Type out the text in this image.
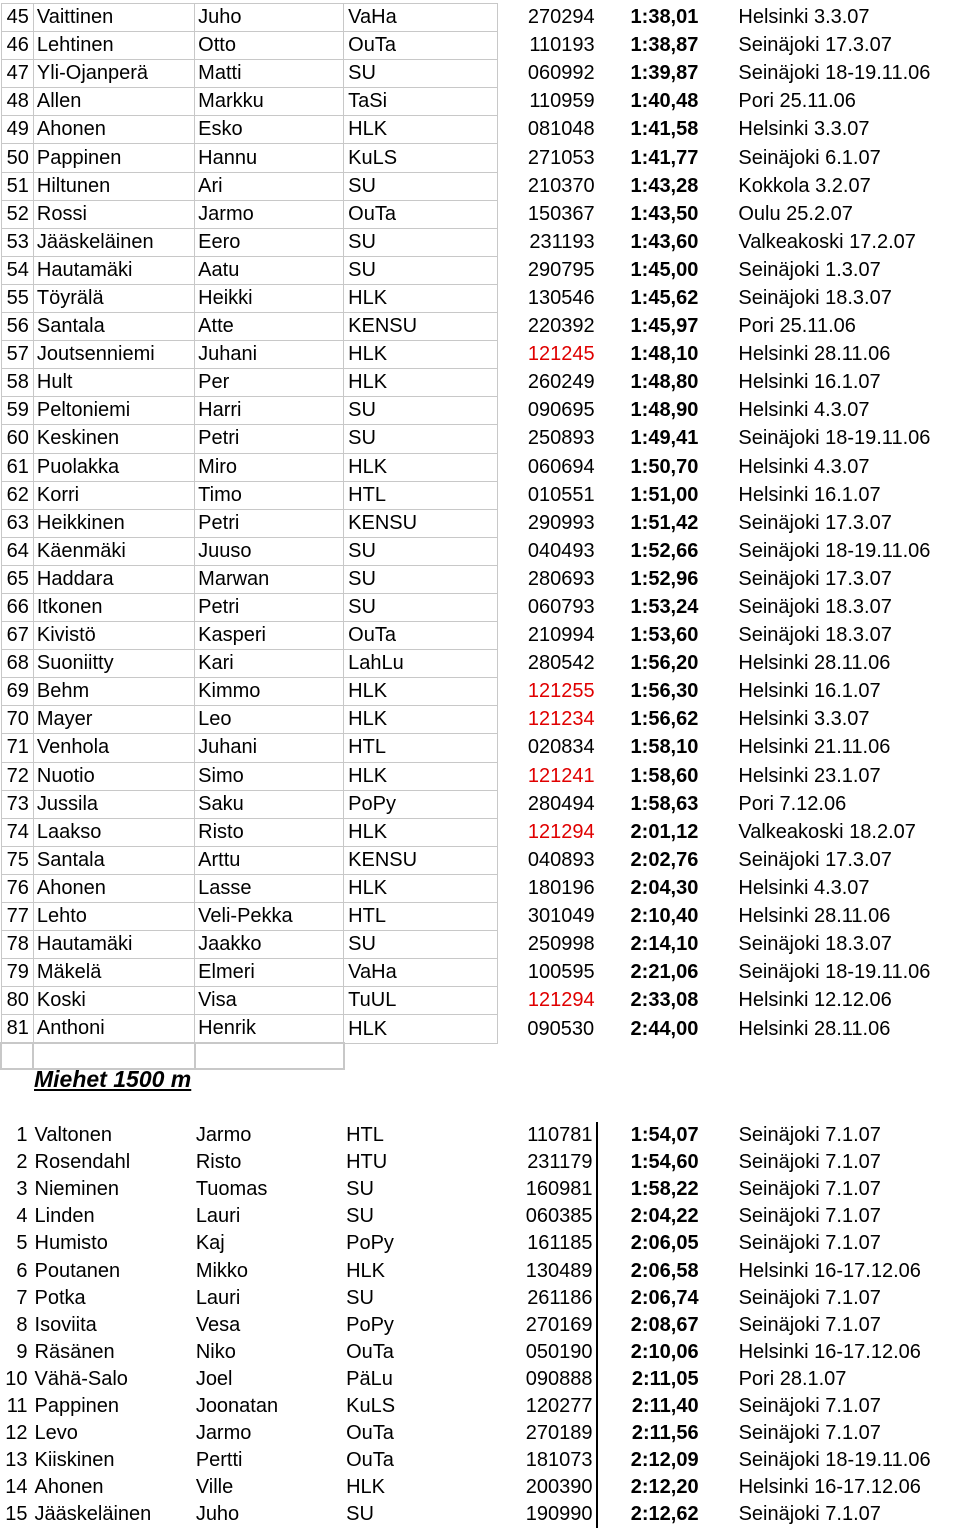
45	Vaittinen	Juho	VaHa	270294	1:38,01	Helsinki 3.3.07
46	Lehtinen	Otto	OuTa	110193	1:38,87	Seinäjoki 17.3.07
47	Yli-Ojanperä	Matti	SU	060992	1:39,87	Seinäjoki 18-19.11.06
48	Allen	Markku	TaSi	110959	1:40,48	Pori 25.11.06
49	Ahonen	Esko	HLK	081048	1:41,58	Helsinki 3.3.07
50	Pappinen	Hannu	KuLS	271053	1:41,77	Seinäjoki 6.1.07
51	Hiltunen	Ari	SU	210370	1:43,28	Kokkola 3.2.07
52	Rossi	Jarmo	OuTa	150367	1:43,50	Oulu 25.2.07
53	Jääskeläinen	Eero	SU	231193	1:43,60	Valkeakoski 17.2.07
54	Hautamäki	Aatu	SU	290795	1:45,00	Seinäjoki 1.3.07
55	Töyrälä	Heikki	HLK	130546	1:45,62	Seinäjoki 18.3.07
56	Santala	Atte	KENSU	220392	1:45,97	Pori 25.11.06
57	Joutsenniemi	Juhani	HLK	121245	1:48,10	Helsinki 28.11.06
58	Hult	Per	HLK	260249	1:48,80	Helsinki 16.1.07
59	Peltoniemi	Harri	SU	090695	1:48,90	Helsinki 4.3.07
60	Keskinen	Petri	SU	250893	1:49,41	Seinäjoki 18-19.11.06
61	Puolakka	Miro	HLK	060694	1:50,70	Helsinki 4.3.07
62	Korri	Timo	HTL	010551	1:51,00	Helsinki 16.1.07
63	Heikkinen	Petri	KENSU	290993	1:51,42	Seinäjoki 17.3.07
64	Käenmäki	Juuso	SU	040493	1:52,66	Seinäjoki 18-19.11.06
65	Haddara	Marwan	SU	280693	1:52,96	Seinäjoki 17.3.07
66	Itkonen	Petri	SU	060793	1:53,24	Seinäjoki 18.3.07
67	Kivistö	Kasperi	OuTa	210994	1:53,60	Seinäjoki 18.3.07
68	Suoniitty	Kari	LahLu	280542	1:56,20	Helsinki 28.11.06
69	Behm	Kimmo	HLK	121255	1:56,30	Helsinki 16.1.07
70	Mayer	Leo	HLK	121234	1:56,62	Helsinki 3.3.07
71	Venhola	Juhani	HTL	020834	1:58,10	Helsinki 21.11.06
72	Nuotio	Simo	HLK	121241	1:58,60	Helsinki 23.1.07
73	Jussila	Saku	PoPy	280494	1:58,63	Pori 7.12.06
74	Laakso	Risto	HLK	121294	2:01,12	Valkeakoski 18.2.07
75	Santala	Arttu	KENSU	040893	2:02,76	Seinäjoki 17.3.07
76	Ahonen	Lasse	HLK	180196	2:04,30	Helsinki 4.3.07
77	Lehto	Veli-Pekka	HTL	301049	2:10,40	Helsinki 28.11.06
78	Hautamäki	Jaakko	SU	250998	2:14,10	Seinäjoki 18.3.07
79	Mäkelä	Elmeri	VaHa	100595	2:21,06	Seinäjoki 18-19.11.06
80	Koski	Visa	TuUL	121294	2:33,08	Helsinki 12.12.06
81	Anthoni	Henrik	HLK	090530	2:44,00	Helsinki 28.11.06

Miehet 1500 m
1	Valtonen	Jarmo	HTL	110781	1:54,07	Seinäjoki 7.1.07
2	Rosendahl	Risto	HTU	231179	1:54,60	Seinäjoki 7.1.07
3	Nieminen	Tuomas	SU	160981	1:58,22	Seinäjoki 7.1.07
4	Linden	Lauri	SU	060385	2:04,22	Seinäjoki 7.1.07
5	Humisto	Kaj	PoPy	161185	2:06,05	Seinäjoki 7.1.07
6	Poutanen	Mikko	HLK	130489	2:06,58	Helsinki 16-17.12.06
7	Potka	Lauri	SU	261186	2:06,74	Seinäjoki 7.1.07
8	Isoviita	Vesa	PoPy	270169	2:08,67	Seinäjoki 7.1.07
9	Räsänen	Niko	OuTa	050190	2:10,06	Helsinki 16-17.12.06
10	Vähä-Salo	Joel	PäLu	090888	2:11,05	Pori 28.1.07
11	Pappinen	Joonatan	KuLS	120277	2:11,40	Seinäjoki 7.1.07
12	Levo	Jarmo	OuTa	270189	2:11,56	Seinäjoki 7.1.07
13	Kiiskinen	Pertti	OuTa	181073	2:12,09	Seinäjoki 18-19.11.06
14	Ahonen	Ville	HLK	200390	2:12,20	Helsinki 16-17.12.06
15	Jääskeläinen	Juho	SU	190990	2:12,62	Seinäjoki 7.1.07
